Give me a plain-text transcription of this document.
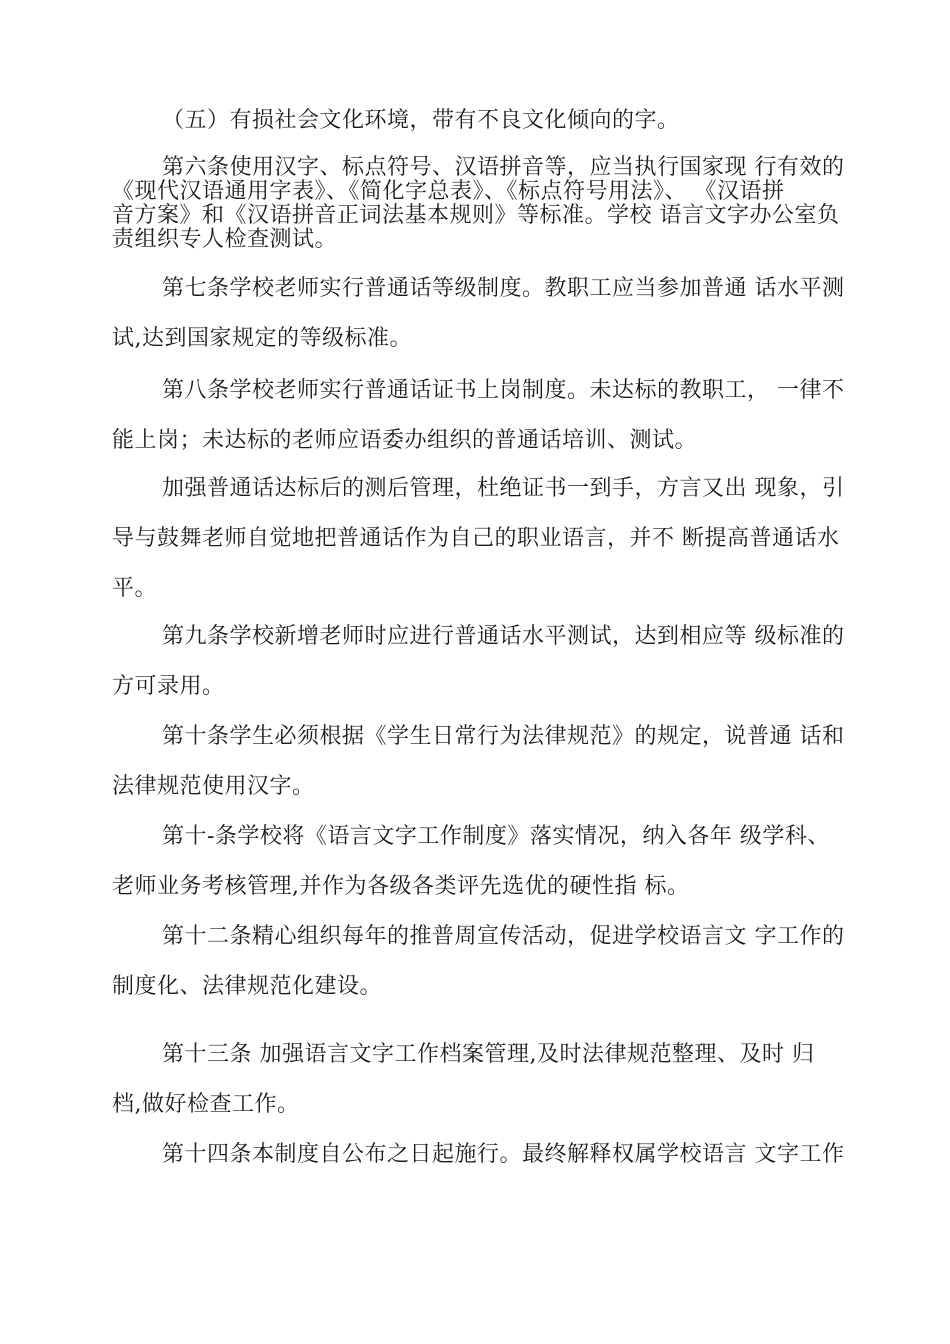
（五）有损社会文化环境，带有不良文化倾向的字。
第六条使用汉字、标点符号、汉语拼音等，应当执行国家现 行有效的
《现代汉语通用字表》、《简化字总表》、《标点符号用法》、 《汉语拼
音方案》和《汉语拼音正词法基本规则》等标准。学校 语言文字办公室负
责组织专人检查测试。
第七条学校老师实行普通话等级制度。教职工应当参加普通 话水平测
试,达到国家规定的等级标准。
第八条学校老师实行普通话证书上岗制度。未达标的教职工， 一律不
能上岗；未达标的老师应语委办组织的普通话培训、测试。
加强普通话达标后的测后管理，杜绝证书一到手，方言又出 现象，引
导与鼓舞老师自觉地把普通话作为自己的职业语言，并不 断提高普通话水
平。
第九条学校新增老师时应进行普通话水平测试，达到相应等 级标准的
方可录用。
第十条学生必须根据《学生日常行为法律规范》的规定，说普通 话和
法律规范使用汉字。
第十-条学校将《语言文字工作制度》落实情况，纳入各年 级学科、
老师业务考核管理,并作为各级各类评先选优的硬性指 标。
第十二条精心组织每年的推普周宣传活动，促进学校语言文 字工作的
制度化、法律规范化建设。
第十三条 加强语言文字工作档案管理,及时法律规范整理、及时 归
档,做好检查工作。
第十四条本制度自公布之日起施行。最终解释权属学校语言 文字工作
